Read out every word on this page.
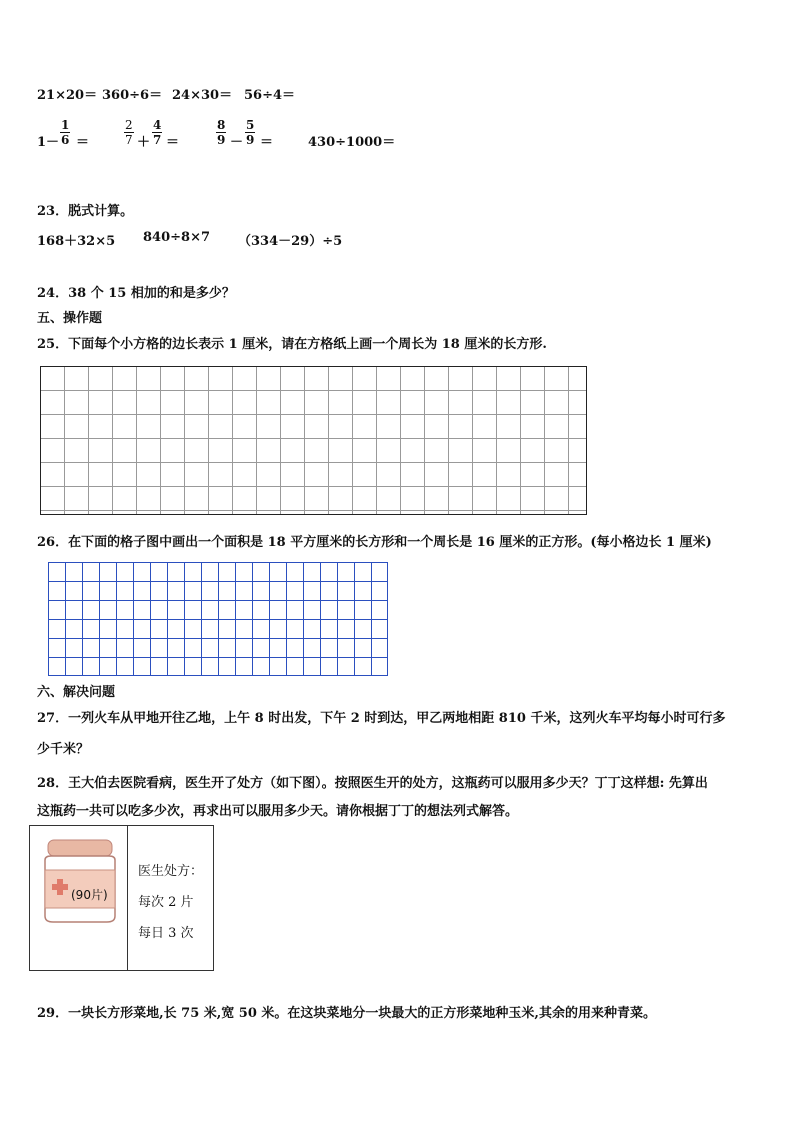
21×20＝ 360÷6＝ 24×30＝ 56÷4＝
$1- \frac{1}{6}$ ＝	$\frac{2}{7} + \frac{4}{7}$ ＝	$\frac{8}{9} - \frac{5}{9}$ ＝	430÷1000＝
23．脱式计算。
168＋32×5 840÷8×7 （334－29）÷5
24．38 个 15 相加的和是多少？
五、操作题
25．下面每个小方格的边长表示 1 厘米，请在方格纸上画一个周长为 18 厘米的长方形.
26．在下面的格子图中画出一个面积是 18 平方厘米的长方形和一个周长是 16 厘米的正方形。(每小格边长 1 厘米)
六、解决问题
27．一列火车从甲地开往乙地，上午 8 时出发，下午 2 时到达，甲乙两地相距 810 千米，这列火车平均每小时可行多
少千米？
28．王大伯去医院看病，医生开了处方（如下图）。按照医生开的处方，这瓶药可以服用多少天？丁丁这样想: 先算出
这瓶药一共可以吃多少次，再求出可以服用多少天。请你根据丁丁的想法列式解答。
(90片)
医生处方：
每次 2 片
每日 3 次
29．一块长方形菜地,长 75 米,宽 50 米。在这块菜地分一块最大的正方形菜地种玉米,其余的用来种青菜。
